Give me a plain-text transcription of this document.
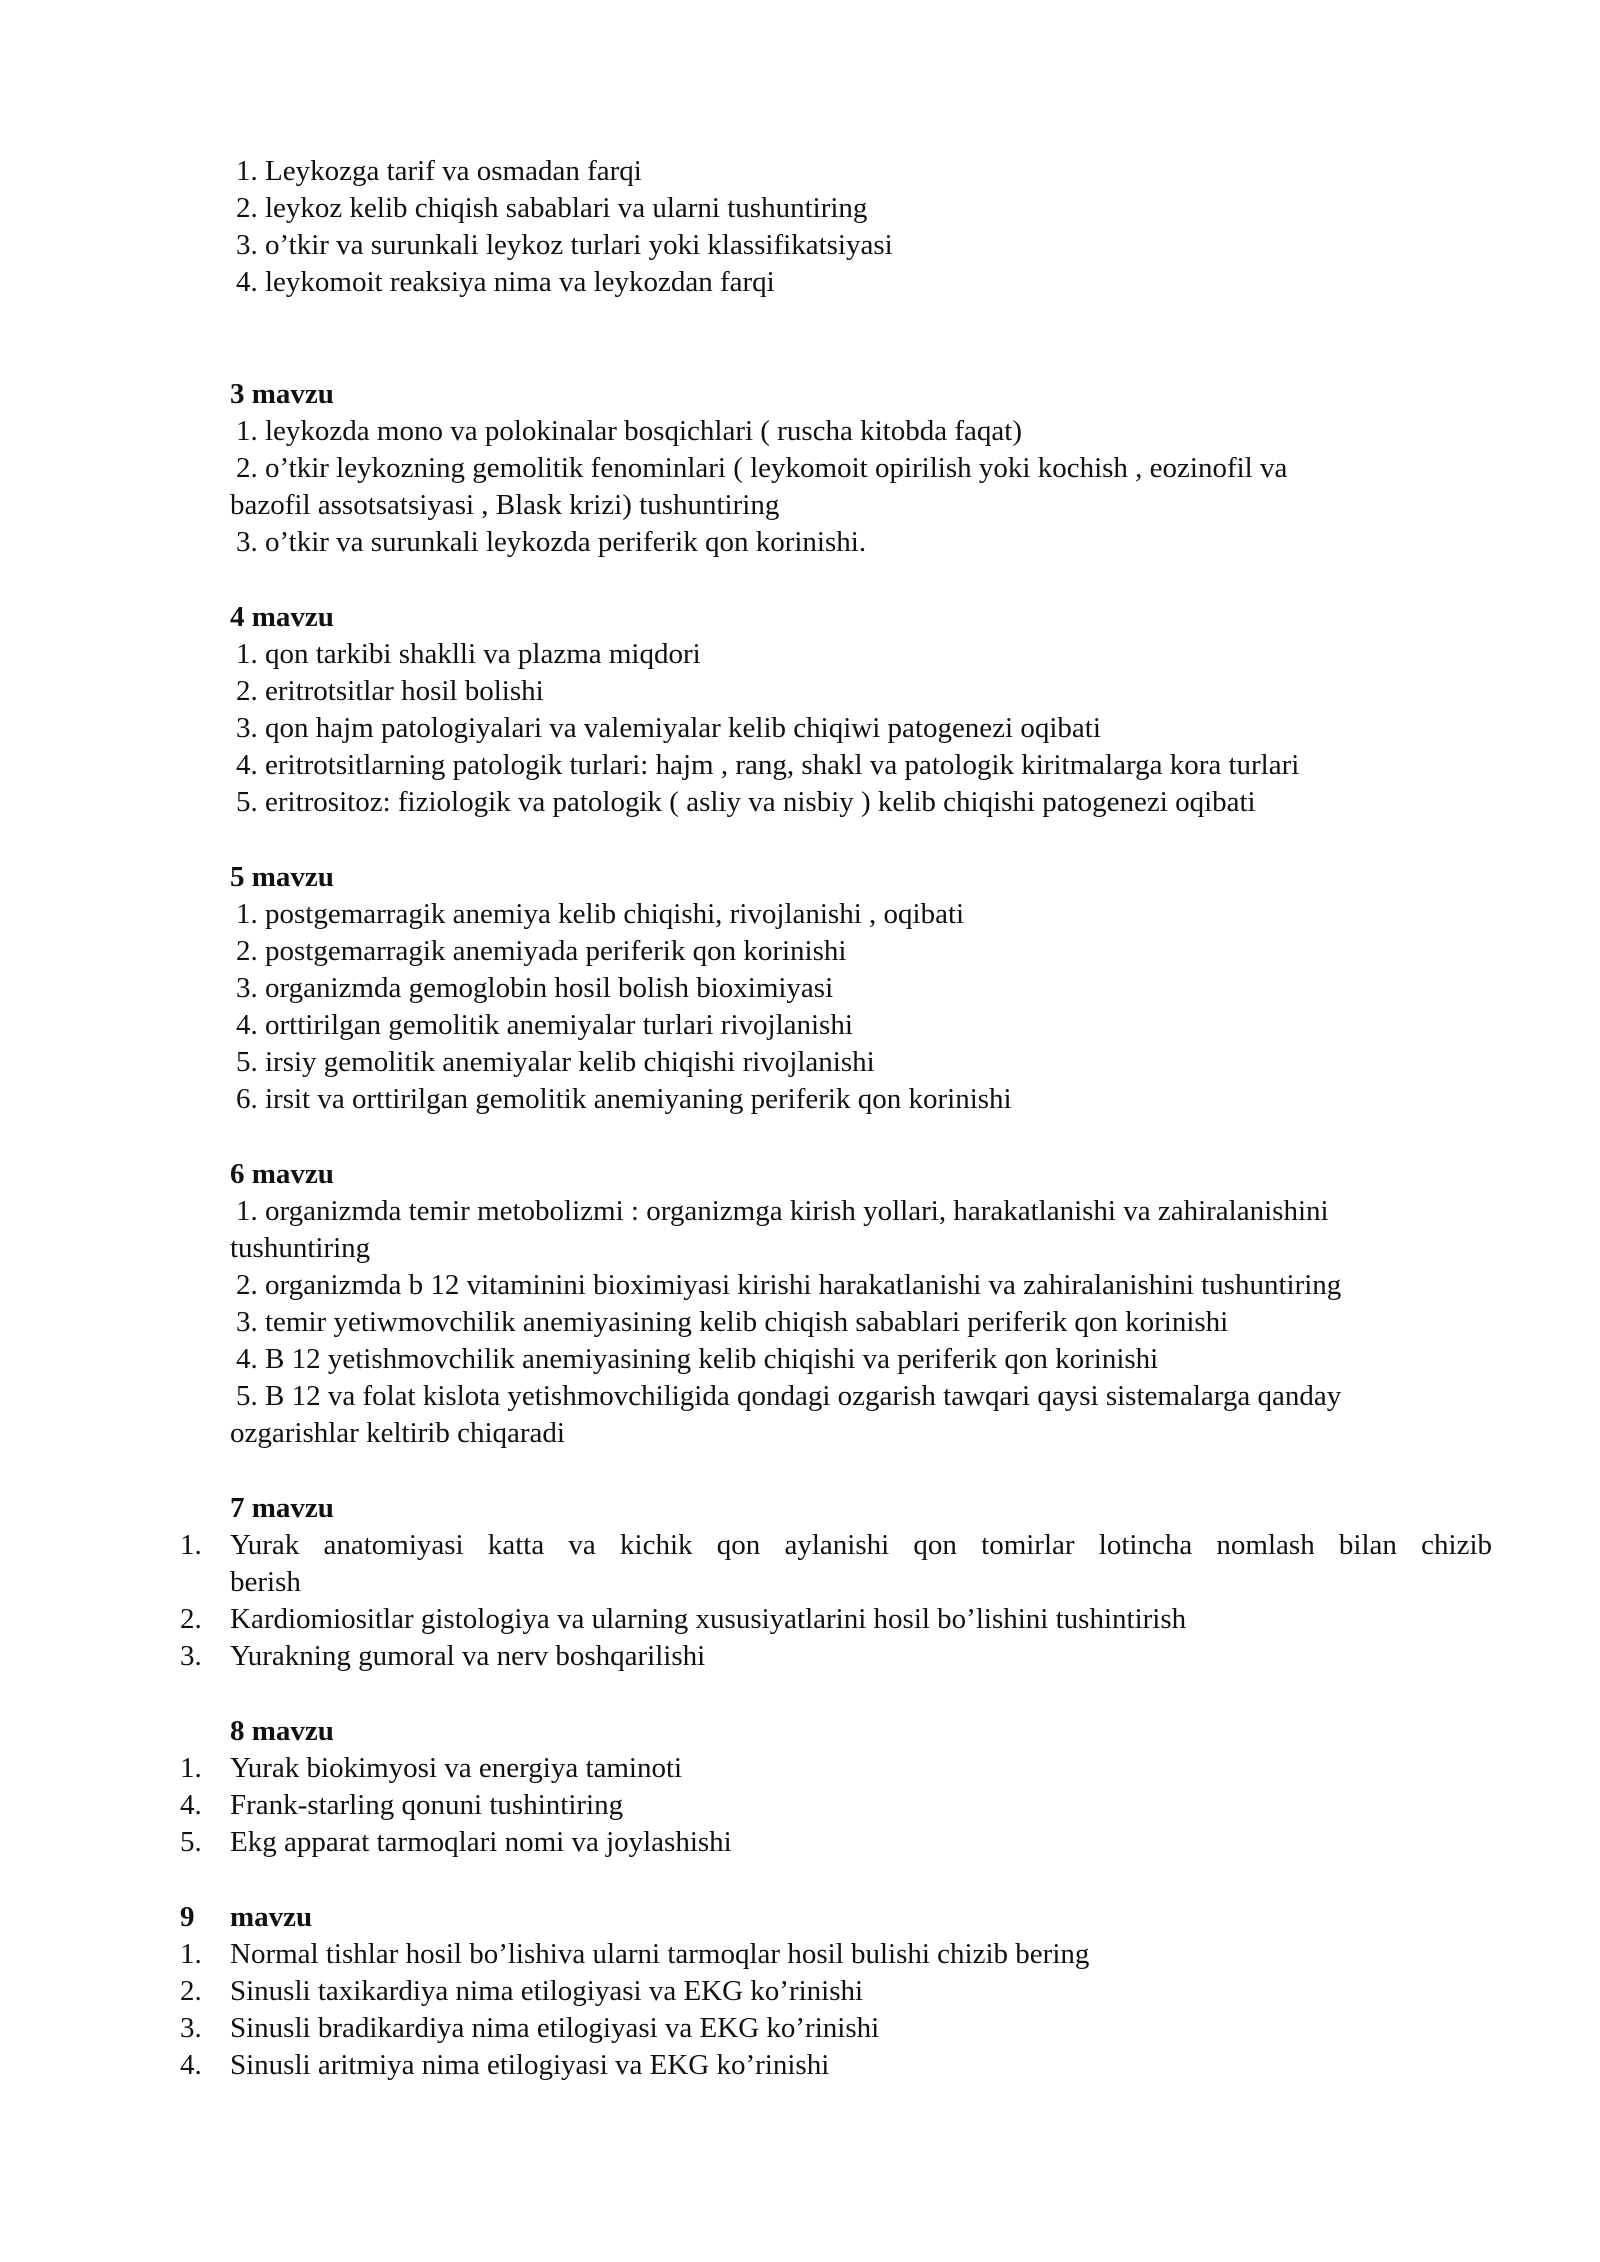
1. Leykozga tarif va osmadan farqi
2. leykoz kelib chiqish sabablari va ularni tushuntiring
3. o’tkir va surunkali leykoz turlari yoki klassifikatsiyasi
4. leykomoit reaksiya nima va leykozdan farqi
3 mavzu
1. leykozda mono va polokinalar bosqichlari ( ruscha kitobda faqat)
2. o’tkir leykozning gemolitik fenominlari ( leykomoit opirilish yoki kochish , eozinofil va
bazofil assotsatsiyasi , Blask krizi) tushuntiring
3. o’tkir va surunkali leykozda periferik qon korinishi.
4 mavzu
1. qon tarkibi shaklli va plazma miqdori
2. eritrotsitlar hosil bolishi
3. qon hajm patologiyalari va valemiyalar kelib chiqiwi patogenezi oqibati
4. eritrotsitlarning patologik turlari: hajm , rang, shakl va patologik kiritmalarga kora turlari
5. eritrositoz: fiziologik va patologik ( asliy va nisbiy ) kelib chiqishi patogenezi oqibati
5 mavzu
1. postgemarragik anemiya kelib chiqishi, rivojlanishi , oqibati
2. postgemarragik anemiyada periferik qon korinishi
3. organizmda gemoglobin hosil bolish bioximiyasi
4. orttirilgan gemolitik anemiyalar turlari rivojlanishi
5. irsiy gemolitik anemiyalar kelib chiqishi rivojlanishi
6. irsit va orttirilgan gemolitik anemiyaning periferik qon korinishi
6 mavzu
1. organizmda temir metobolizmi : organizmga kirish yollari, harakatlanishi va zahiralanishini
tushuntiring
2. organizmda b 12 vitaminini bioximiyasi kirishi harakatlanishi va zahiralanishini tushuntiring
3. temir yetiwmovchilik anemiyasining kelib chiqish sabablari periferik qon korinishi
4. B 12 yetishmovchilik anemiyasining kelib chiqishi va periferik qon korinishi
5. B 12 va folat kislota yetishmovchiligida qondagi ozgarish tawqari qaysi sistemalarga qanday
ozgarishlar keltirib chiqaradi
7 mavzu
1. Yurak anatomiyasi katta va kichik qon aylanishi qon tomirlar lotincha nomlash bilan chizib
berish
2. Kardiomiositlar gistologiya va ularning xususiyatlarini hosil bo’lishini tushintirish
3. Yurakning gumoral va nerv boshqarilishi
8 mavzu
1. Yurak biokimyosi va energiya taminoti
4. Frank-starling qonuni tushintiring
5. Ekg apparat tarmoqlari nomi va joylashishi
9 mavzu
1. Normal tishlar hosil bo’lishiva ularni tarmoqlar hosil bulishi chizib bering
2. Sinusli taxikardiya nima etilogiyasi va EKG ko’rinishi
3. Sinusli bradikardiya nima etilogiyasi va EKG ko’rinishi
4. Sinusli aritmiya nima etilogiyasi va EKG ko’rinishi
